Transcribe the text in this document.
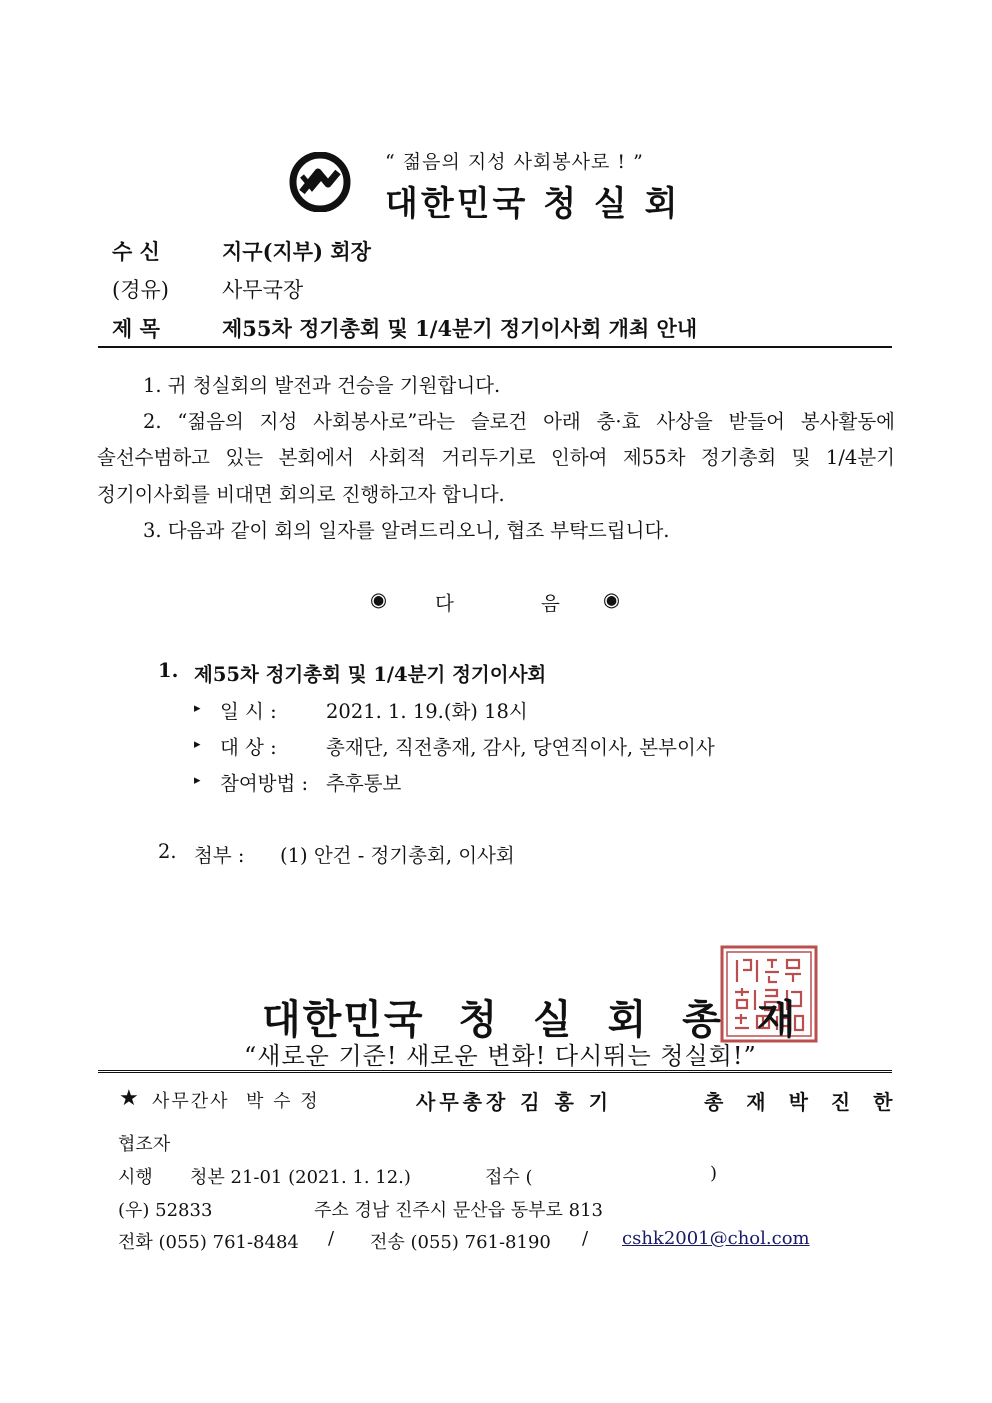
“ 젊음의 지성 사회봉사로 ! ”
대한민국 청 실 회
수 신	지구(지부) 회장
(경유)	사무국장
제 목	제55차 정기총회 및 1/4분기 정기이사회 개최 안내
1. 귀 청실회의 발전과 건승을 기원합니다.
2. “젊음의 지성 사회봉사로”라는 슬로건 아래 충·효 사상을 받들어 봉사활동에
솔선수범하고 있는 본회에서 사회적 거리두기로 인하여 제55차 정기총회 및 1/4분기
정기이사회를 비대면 회의로 진행하고자 합니다.
3. 다음과 같이 회의 일자를 알려드리오니, 협조 부탁드립니다.
◉ 다	음 ◉
1. 제55차 정기총회 및 1/4분기 정기이사회
▸ 일 시 :	2021. 1. 19.(화) 18시
▸ 대 상 :	총재단, 직전총재, 감사, 당연직이사, 본부이사
▸ 참여방법 : 추후통보
2. 첨부 : (1) 안건 - 정기총회, 이사회
대한민국 청 실 회 총 재
“새로운 기준! 새로운 변화! 다시뛰는 청실회!”
★ 사무간사 박 수 정	사무총장 김 홍 기	총 재 박 진 한
협조자
시행 청본 21-01 (2021. 1. 12.)	접수 (	)
(우) 52833	주소 경남 진주시 문산읍 동부로 813
전화 (055) 761-8484 / 전송 (055) 761-8190 / cshk2001@chol.com
